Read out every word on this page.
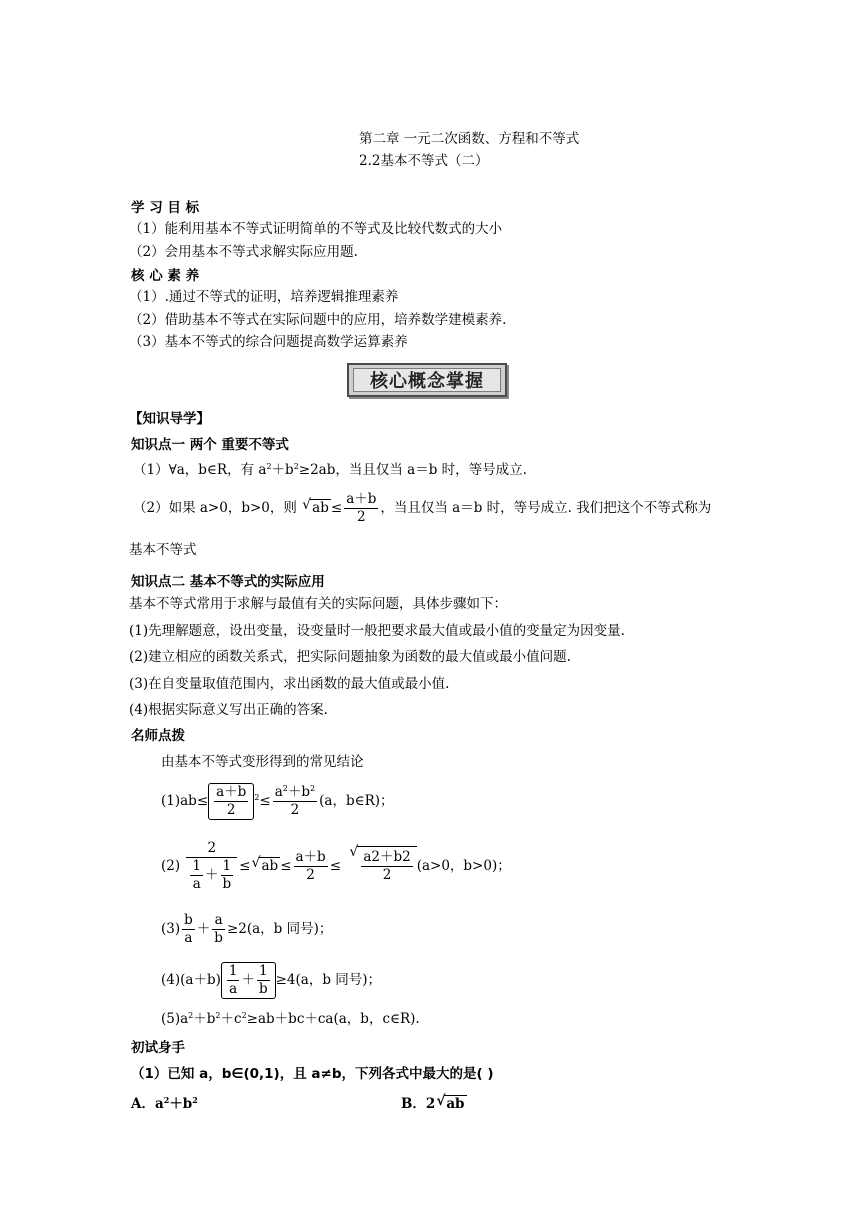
第二章 一元二次函数、方程和不等式
2.2基本不等式（二）
学 习 目 标
（1）能利用基本不等式证明简单的不等式及比较代数式的大小
（2）会用基本不等式求解实际应用题.
核 心 素 养
（1）.通过不等式的证明，培养逻辑推理素养
（2）借助基本不等式在实际问题中的应用，培养数学建模素养.
（3）基本不等式的综合问题提高数学运算素养
核心概念掌握
【知识导学】
知识点一 两个 重要不等式
（1）∀a，b∈R，有 $a^2+b^2\ge 2ab$，当且仅当 a＝b 时，等号成立.
（2）如果 a>0，b>0，则 √ ab ≤ $\frac{a+b}{2}$ ，当且仅当 a＝b 时，等号成立. 我们把这个不等式称为
基本不等式
知识点二 基本不等式的实际应用
基本不等式常用于求解与最值有关的实际问题，具体步骤如下：
(1)先理解题意，设出变量，设变量时一般把要求最大值或最小值的变量定为因变量.
(2)建立相应的函数关系式，把实际问题抽象为函数的最大值或最小值问题.
(3)在自变量取值范围内，求出函数的最大值或最小值.
(4)根据实际意义写出正确的答案.
名师点拨
由基本不等式变形得到的常见结论
$(1)ab\le \frac{a+b}{2} ^2\le \frac{a^2+b^2}{2} (a$，b∈R)；
$(2) \frac{2}{\frac{1}{a} + \frac{1}{b}}$ ≤ √ ab ≤ $\frac{a+b}{2}$ ≤ √ $\frac{a2+b2}{2} (a>0$，b>0)；
$(3) \frac{b}{a} + \frac{a}{b} \ge 2(a$，b 同号)；
$(4)(a+b) \frac{1}{a} + \frac{1}{b} \ge 4(a$，b 同号)；
$(5)a^2+b^2+c^2\ge ab+bc+ca(a$，b，c∈R).
初试身手
（1）已知 a，b∈(0,1)，且 a≠b，下列各式中最大的是( )
A．$a^2+b^2$	B．2 √ ab
